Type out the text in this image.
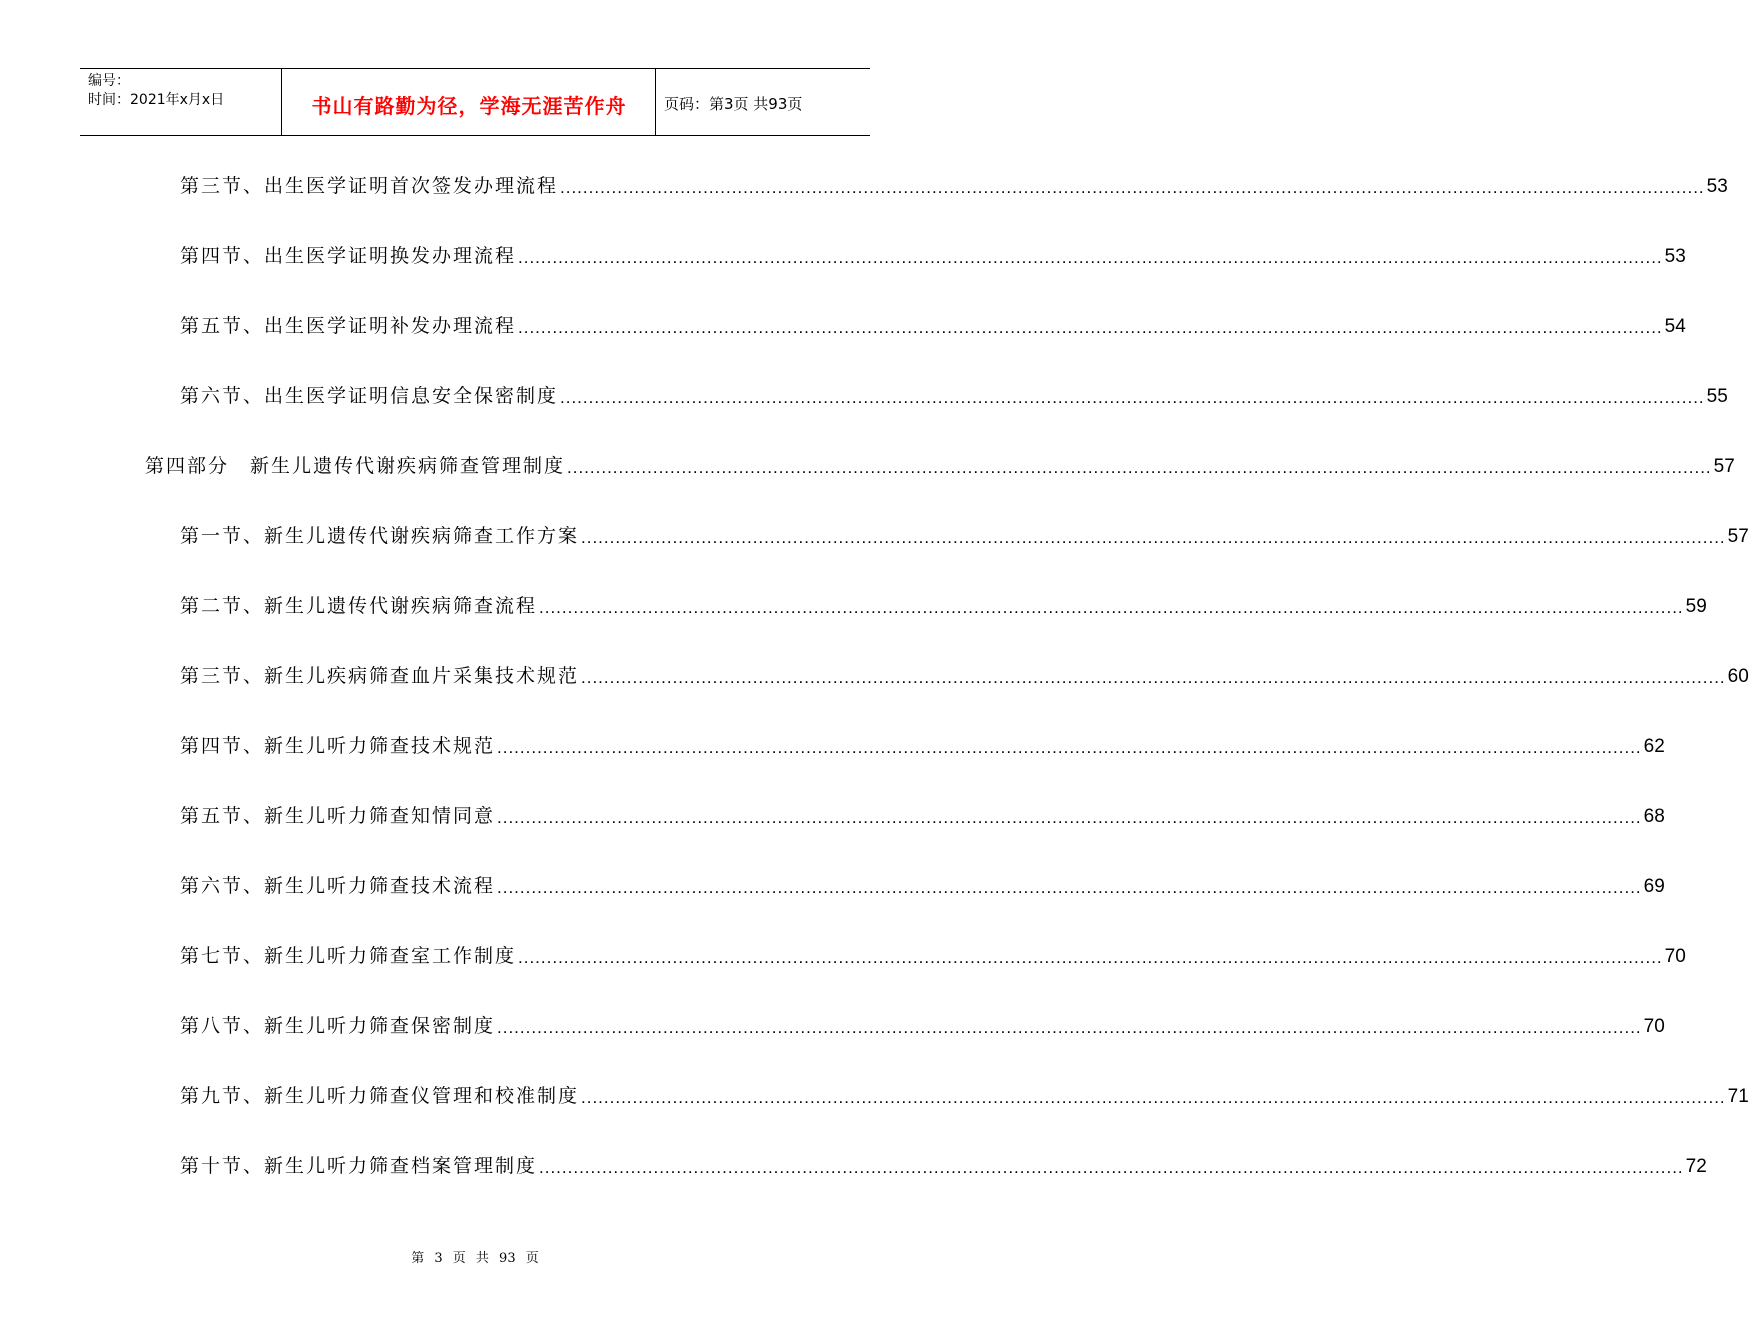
编号：
时间：2021年x月x日	书山有路勤为径，学海无涯苦作舟	页码：第3页 共93页
第三节、出生医学证明首次签发办理流程 ........................................................................................................................................................................................................ 53
第四节、出生医学证明换发办理流程 ........................................................................................................................................................................................................ 53
第五节、出生医学证明补发办理流程 ........................................................................................................................................................................................................ 54
第六节、出生医学证明信息安全保密制度 ........................................................................................................................................................................................................ 55
第四部分　新生儿遗传代谢疾病筛查管理制度 ........................................................................................................................................................................................................ 57
第一节、新生儿遗传代谢疾病筛查工作方案 ........................................................................................................................................................................................................ 57
第二节、新生儿遗传代谢疾病筛查流程 ........................................................................................................................................................................................................ 59
第三节、新生儿疾病筛查血片采集技术规范 ........................................................................................................................................................................................................ 60
第四节、新生儿听力筛查技术规范 ........................................................................................................................................................................................................ 62
第五节、新生儿听力筛查知情同意 ........................................................................................................................................................................................................ 68
第六节、新生儿听力筛查技术流程 ........................................................................................................................................................................................................ 69
第七节、新生儿听力筛查室工作制度 ........................................................................................................................................................................................................ 70
第八节、新生儿听力筛查保密制度 ........................................................................................................................................................................................................ 70
第九节、新生儿听力筛查仪管理和校准制度 ........................................................................................................................................................................................................ 71
第十节、新生儿听力筛查档案管理制度 ........................................................................................................................................................................................................ 72
第 3 页 共 93 页
